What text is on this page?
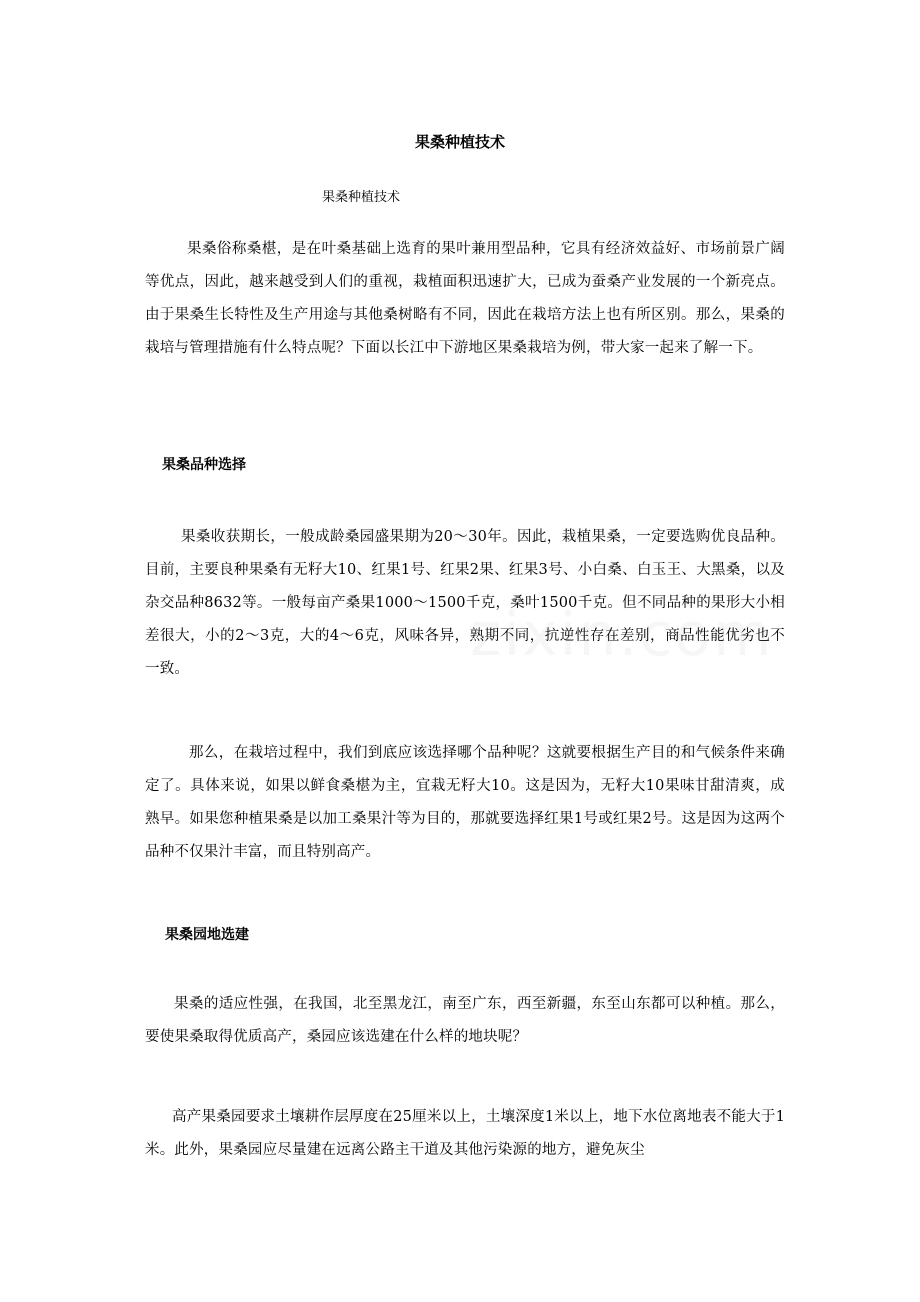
果桑种植技术

果桑种植技术

果桑俗称桑椹，是在叶桑基础上选育的果叶兼用型品种，它具有经济效益好、市场前景广阔等优点，因此，越来越受到人们的重视，栽植面积迅速扩大，已成为蚕桑产业发展的一个新亮点。由于果桑生长特性及生产用途与其他桑树略有不同，因此在栽培方法上也有所区别。那么，果桑的栽培与管理措施有什么特点呢？下面以长江中下游地区果桑栽培为例，带大家一起来了解一下。

果桑品种选择

果桑收获期长，一般成龄桑园盛果期为20～30年。因此，栽植果桑，一定要选购优良品种。目前，主要良种果桑有无籽大10、红果1号、红果2果、红果3号、小白桑、白玉王、大黑桑，以及杂交品种8632等。一般每亩产桑果1000～1500千克，桑叶1500千克。但不同品种的果形大小相差很大，小的2～3克，大的4～6克，风味各异，熟期不同，抗逆性存在差别，商品性能优劣也不一致。

那么，在栽培过程中，我们到底应该选择哪个品种呢？这就要根据生产目的和气候条件来确定了。具体来说，如果以鲜食桑椹为主，宜栽无籽大10。这是因为，无籽大10果味甘甜清爽，成熟早。如果您种植果桑是以加工桑果汁等为目的，那就要选择红果1号或红果2号。这是因为这两个品种不仅果汁丰富，而且特别高产。

果桑园地选建

果桑的适应性强，在我国，北至黑龙江，南至广东，西至新疆，东至山东都可以种植。那么，要使果桑取得优质高产，桑园应该选建在什么样的地块呢？

高产果桑园要求土壤耕作层厚度在25厘米以上，土壤深度1米以上，地下水位离地表不能大于1米。此外，果桑园应尽量建在远离公路主干道及其他污染源的地方，避免灰尘
